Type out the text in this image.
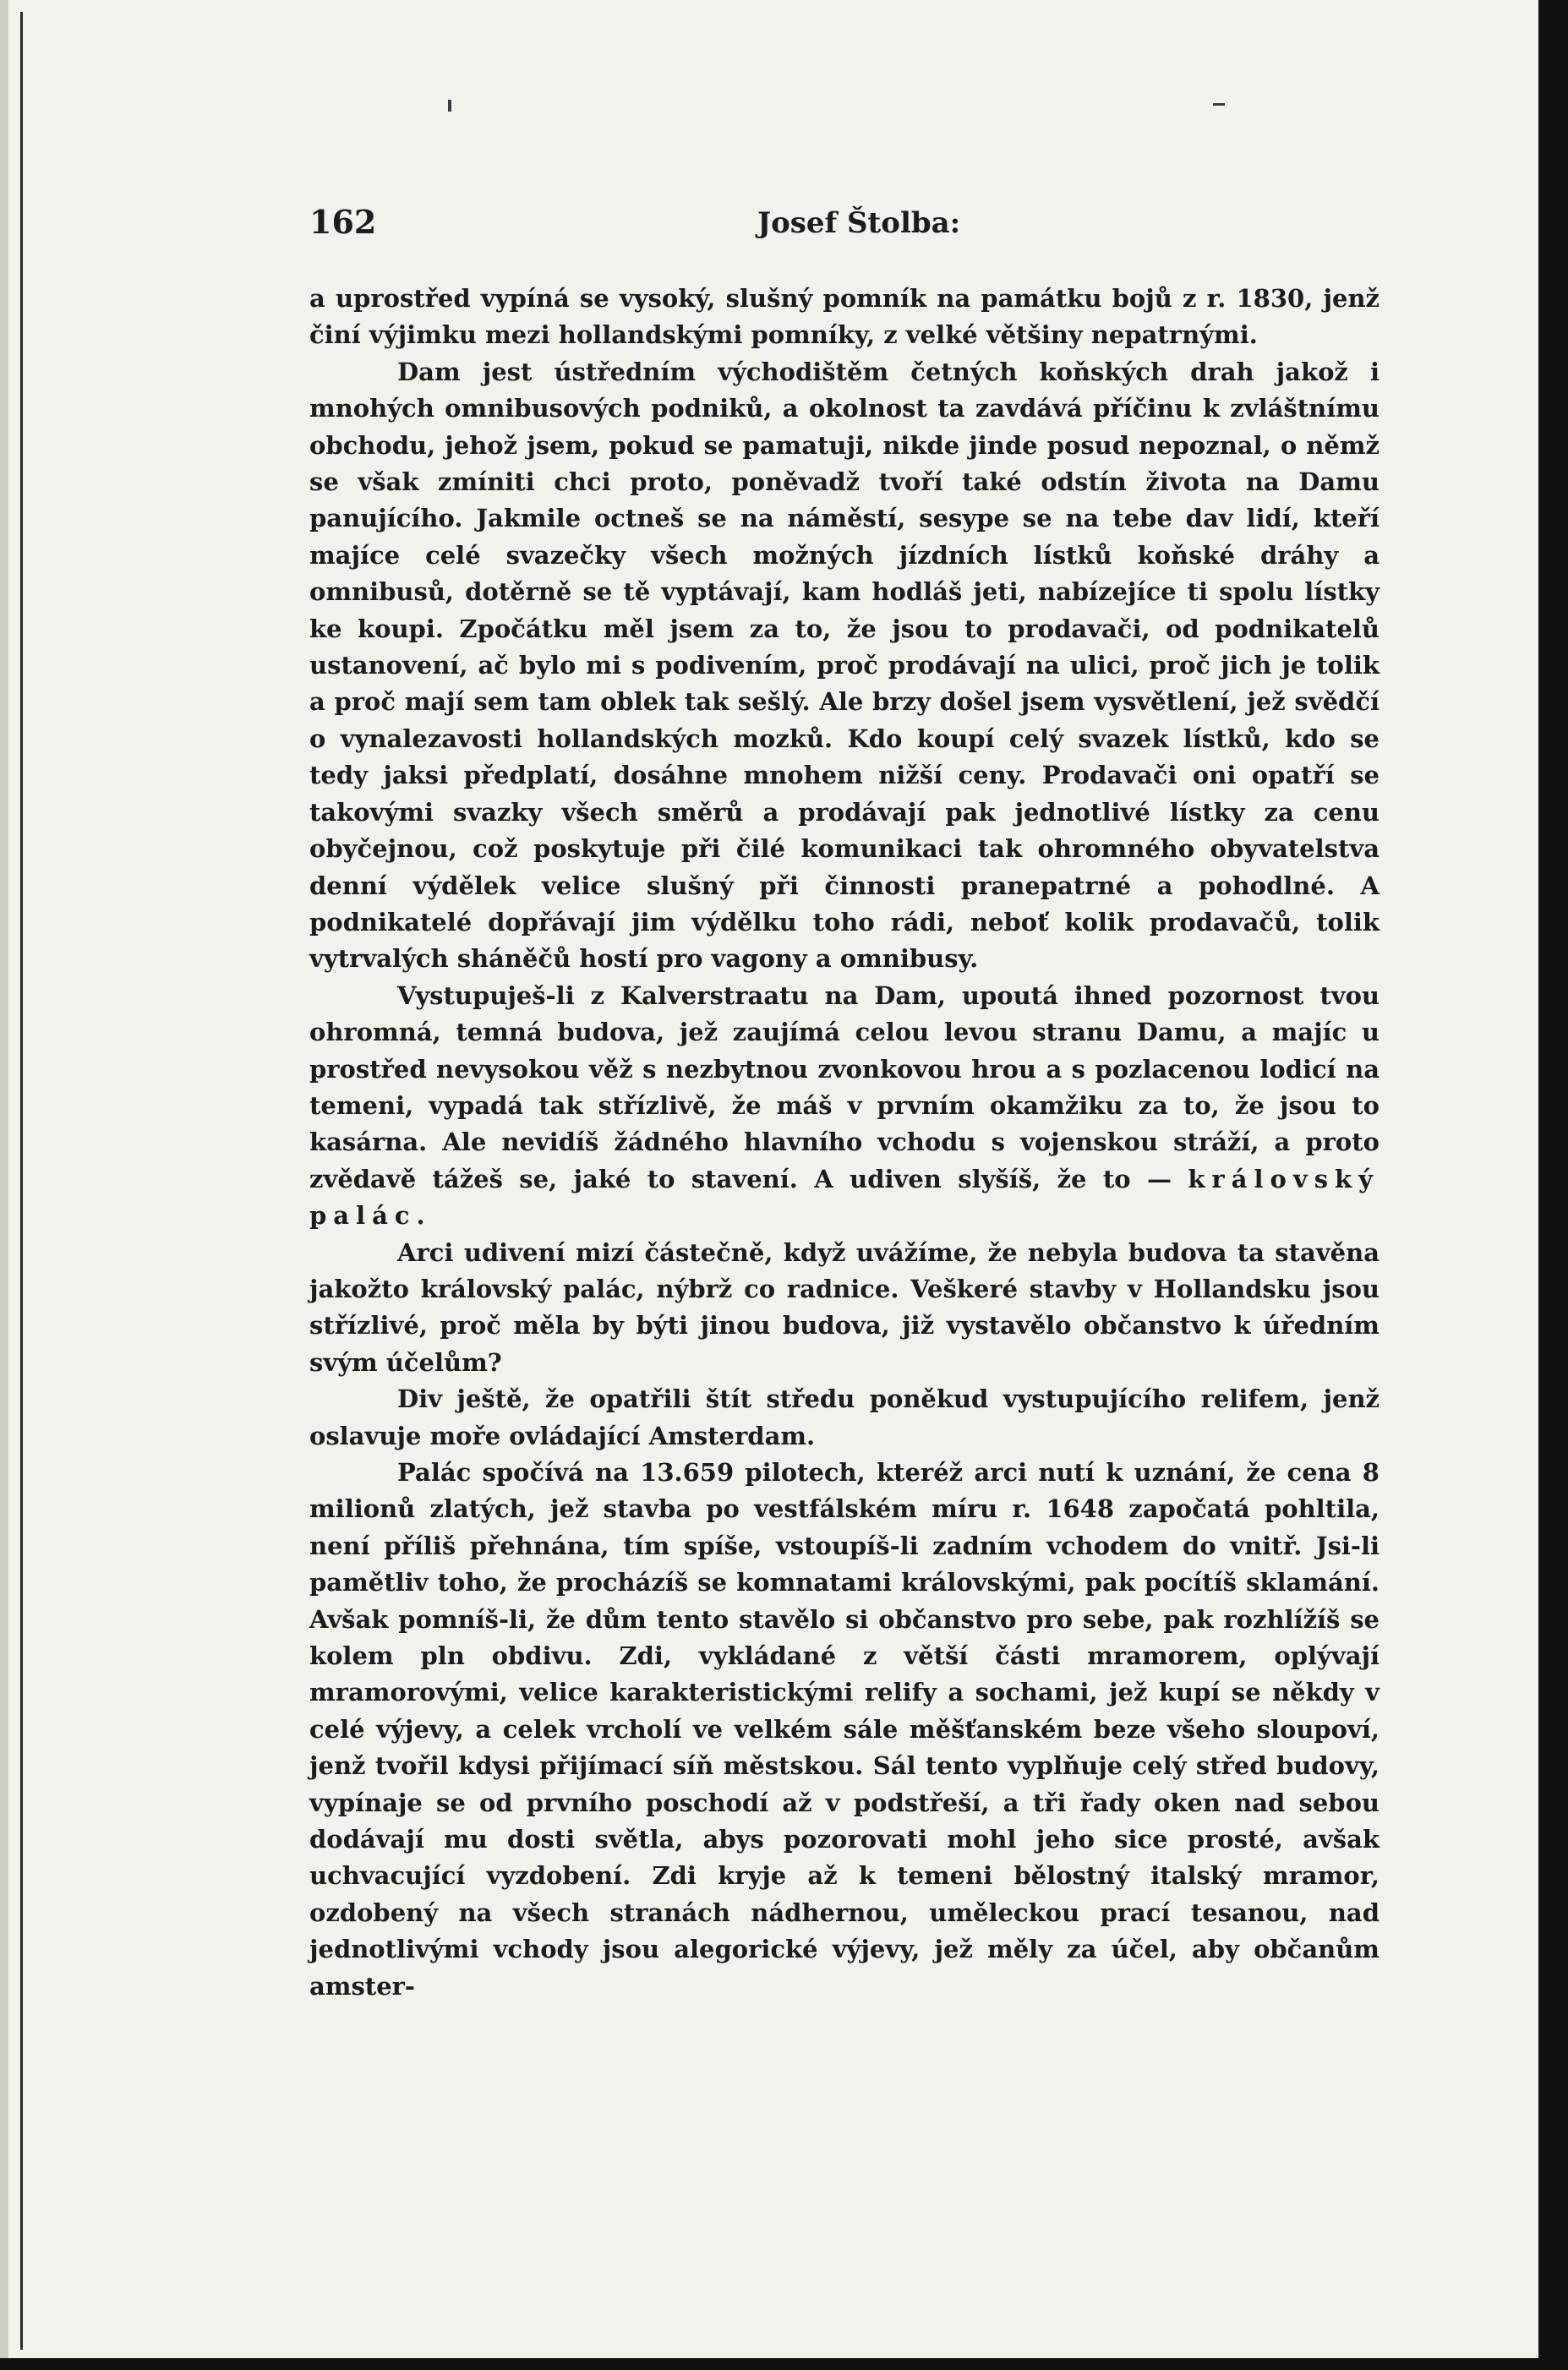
162	Josef Štolba:

a uprostřed vypíná se vysoký, slušný pomník na památku bojů z r. 1830, jenž činí výjimku mezi hollandskými pomníky, z velké většiny nepatrnými.

Dam jest ústředním východištěm četných koňských drah jakož i mnohých omnibusových podniků, a okolnost ta zavdává příčinu k zvláštnímu obchodu, jehož jsem, pokud se pamatuji, nikde jinde posud nepoznal, o němž se však zmíniti chci proto, poněvadž tvoří také odstín života na Damu panujícího. Jakmile octneš se na náměstí, sesype se na tebe dav lidí, kteří majíce celé svazečky všech možných jízdních lístků koňské dráhy a omnibusů, dotěrně se tě vyptávají, kam hodláš jeti, nabízejíce ti spolu lístky ke koupi. Zpočátku měl jsem za to, že jsou to prodavači, od podnikatelů ustanovení, ač bylo mi s podivením, proč prodávají na ulici, proč jich je tolik a proč mají sem tam oblek tak sešlý. Ale brzy došel jsem vysvětlení, jež svědčí o vynalezavosti hollandských mozků. Kdo koupí celý svazek lístků, kdo se tedy jaksi předplatí, dosáhne mnohem nižší ceny. Prodavači oni opatří se takovými svazky všech směrů a prodávají pak jednotlivé lístky za cenu obyčejnou, což poskytuje při čilé komunikaci tak ohromného obyvatelstva denní výdělek velice slušný při činnosti pranepatrné a pohodlné. A podnikatelé dopřávají jim výdělku toho rádi, neboť kolik prodavačů, tolik vytrvalých sháněčů hostí pro vagony a omnibusy.

Vystupuješ-li z Kalverstraatu na Dam, upoutá ihned pozornost tvou ohromná, temná budova, jež zaujímá celou levou stranu Damu, a majíc u prostřed nevysokou věž s nezbytnou zvonkovou hrou a s pozlacenou lodicí na temeni, vypadá tak střízlivě, že máš v prvním okamžiku za to, že jsou to kasárna. Ale nevidíš žádného hlavního vchodu s vojenskou stráží, a proto zvědavě tážeš se, jaké to stavení. A udiven slyšíš, že to — královský palác.

Arci udivení mizí částečně, když uvážíme, že nebyla budova ta stavěna jakožto královský palác, nýbrž co radnice. Veškeré stavby v Hollandsku jsou střízlivé, proč měla by býti jinou budova, již vystavělo občanstvo k úředním svým účelům?

Div ještě, že opatřili štít středu poněkud vystupujícího relifem, jenž oslavuje moře ovládající Amsterdam.

Palác spočívá na 13.659 pilotech, kteréž arci nutí k uznání, že cena 8 milionů zlatých, jež stavba po vestfálském míru r. 1648 započatá pohltila, není příliš přehnána, tím spíše, vstoupíš-li zadním vchodem do vnitř. Jsi-li pamětliv toho, že procházíš se komnatami královskými, pak pocítíš sklamání. Avšak pomníš-li, že dům tento stavělo si občanstvo pro sebe, pak rozhlížíš se kolem pln obdivu. Zdi, vykládané z větší části mramorem, oplývají mramorovými, velice karakteristickými relify a sochami, jež kupí se někdy v celé výjevy, a celek vrcholí ve velkém sále měšťanském beze všeho sloupoví, jenž tvořil kdysi přijímací síň městskou. Sál tento vyplňuje celý střed budovy, vypínaje se od prvního poschodí až v podstřeší, a tři řady oken nad sebou dodávají mu dosti světla, abys pozorovati mohl jeho sice prosté, avšak uchvacující vyzdobení. Zdi kryje až k temeni bělostný italský mramor, ozdobený na všech stranách nádhernou, uměleckou prací tesanou, nad jednotlivými vchody jsou alegorické výjevy, jež měly za účel, aby občanům amster-
